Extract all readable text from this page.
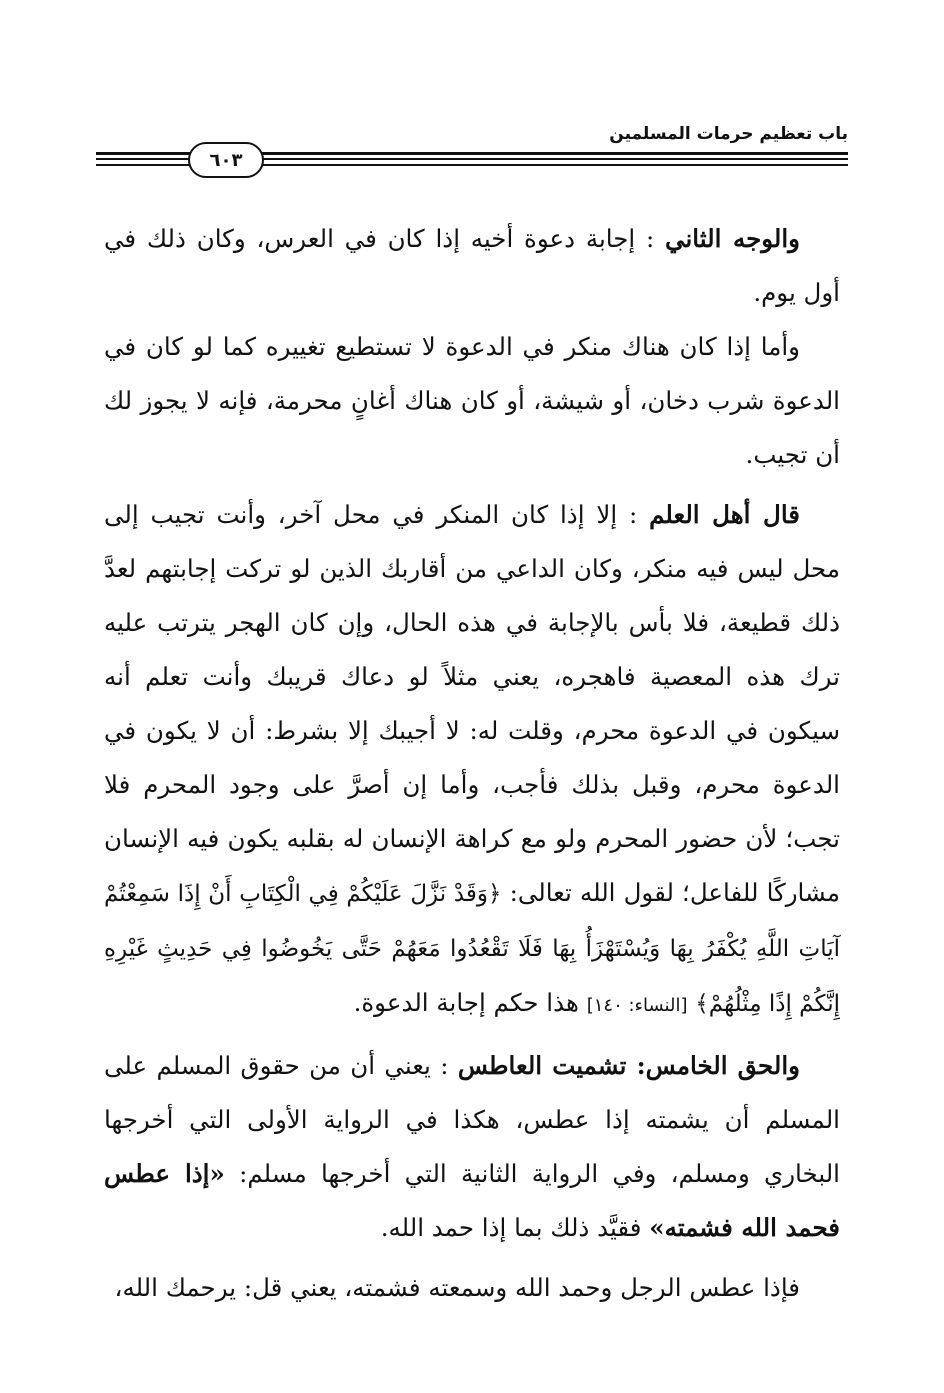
باب تعظيم حرمات المسلمين
٦٠٣

والوجه الثاني : إجابة دعوة أخيه إذا كان في العرس، وكان ذلك في أول يوم.

وأما إذا كان هناك منكر في الدعوة لا تستطيع تغييره كما لو كان في الدعوة شرب دخان، أو شيشة، أو كان هناك أغانٍ محرمة، فإنه لا يجوز لك أن تجيب.

قال أهل العلم : إلا إذا كان المنكر في محل آخر، وأنت تجيب إلى محل ليس فيه منكر، وكان الداعي من أقاربك الذين لو تركت إجابتهم لعدَّ ذلك قطيعة، فلا بأس بالإجابة في هذه الحال، وإن كان الهجر يترتب عليه ترك هذه المعصية فاهجره، يعني مثلاً لو دعاك قريبك وأنت تعلم أنه سيكون في الدعوة محرم، وقلت له: لا أجيبك إلا بشرط: أن لا يكون في الدعوة محرم، وقبل بذلك فأجب، وأما إن أصرَّ على وجود المحرم فلا تجب؛ لأن حضور المحرم ولو مع كراهة الإنسان له بقلبه يكون فيه الإنسان مشاركًا للفاعل؛ لقول الله تعالى: ﴿وَقَدْ نَزَّلَ عَلَيْكُمْ فِي الْكِتَابِ أَنْ إِذَا سَمِعْتُمْ آيَاتِ اللَّهِ يُكْفَرُ بِهَا وَيُسْتَهْزَأُ بِهَا فَلَا تَقْعُدُوا مَعَهُمْ حَتَّى يَخُوضُوا فِي حَدِيثٍ غَيْرِهِ إِنَّكُمْ إِذًا مِثْلُهُمْ﴾ [النساء: ١٤٠] هذا حكم إجابة الدعوة.

والحق الخامس: تشميت العاطس : يعني أن من حقوق المسلم على المسلم أن يشمته إذا عطس، هكذا في الرواية الأولى التي أخرجها البخاري ومسلم، وفي الرواية الثانية التي أخرجها مسلم: «إذا عطس فحمد الله فشمته» فقيَّد ذلك بما إذا حمد الله.

فإذا عطس الرجل وحمد الله وسمعته فشمته، يعني قل: يرحمك الله،
